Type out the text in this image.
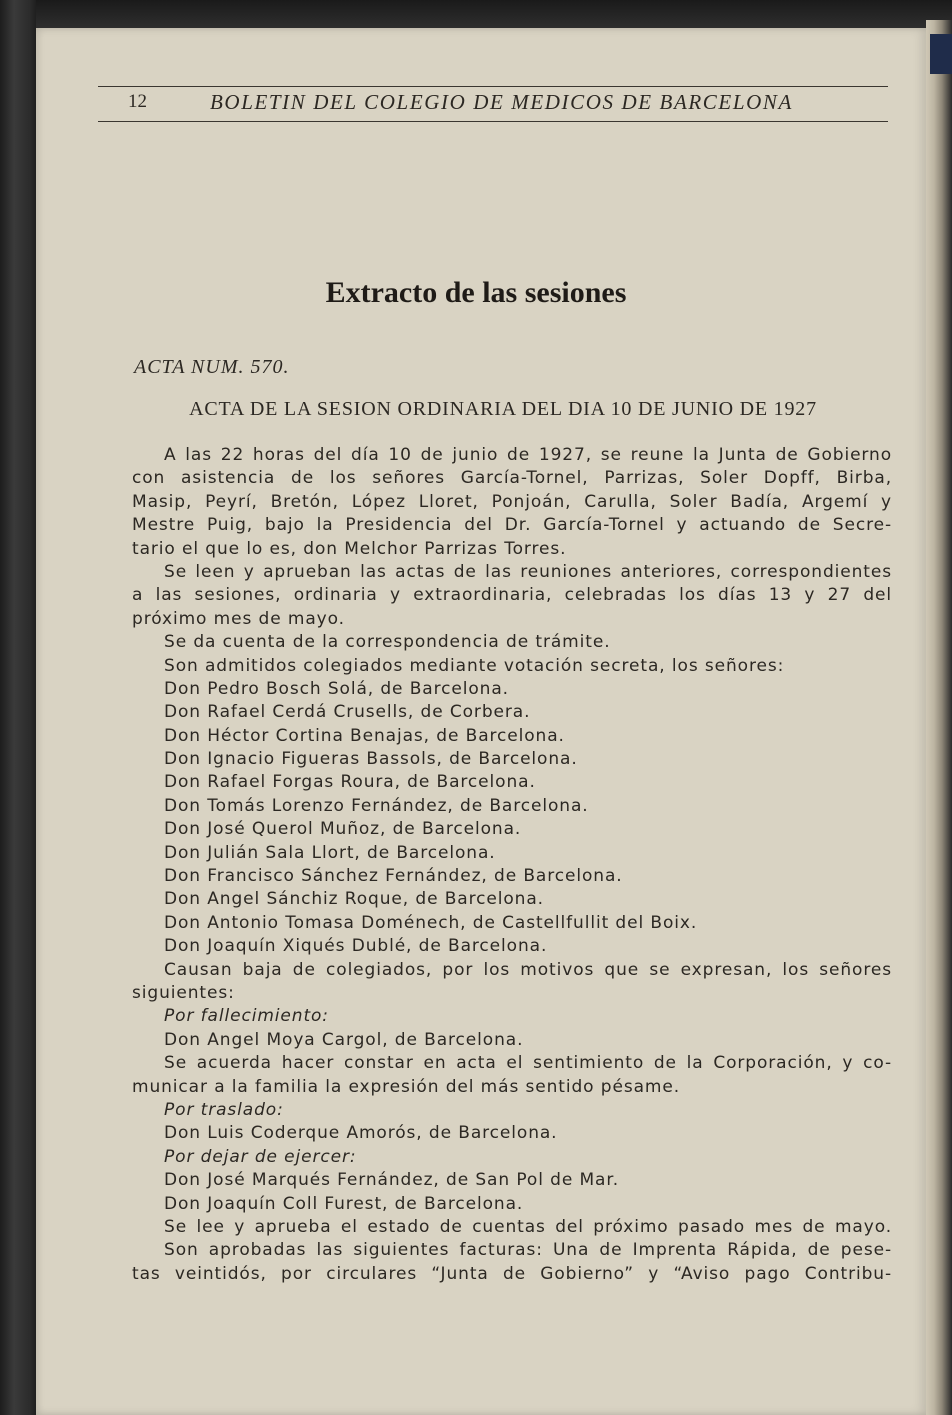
12	BOLETIN DEL COLEGIO DE MEDICOS DE BARCELONA
Extracto de las sesiones
ACTA NUM. 570.
ACTA DE LA SESION ORDINARIA DEL DIA 10 DE JUNIO DE 1927
A las 22 horas del día 10 de junio de 1927, se reune la Junta de Gobierno
con asistencia de los señores García-Tornel, Parrizas, Soler Dopff, Birba,
Masip, Peyrí, Bretón, López Lloret, Ponjoán, Carulla, Soler Badía, Argemí y
Mestre Puig, bajo la Presidencia del Dr. García-Tornel y actuando de Secre-
tario el que lo es, don Melchor Parrizas Torres.
Se leen y aprueban las actas de las reuniones anteriores, correspondientes
a las sesiones, ordinaria y extraordinaria, celebradas los días 13 y 27 del
próximo mes de mayo.
Se da cuenta de la correspondencia de trámite.
Son admitidos colegiados mediante votación secreta, los señores:
Don Pedro Bosch Solá, de Barcelona.
Don Rafael Cerdá Crusells, de Corbera.
Don Héctor Cortina Benajas, de Barcelona.
Don Ignacio Figueras Bassols, de Barcelona.
Don Rafael Forgas Roura, de Barcelona.
Don Tomás Lorenzo Fernández, de Barcelona.
Don José Querol Muñoz, de Barcelona.
Don Julián Sala Llort, de Barcelona.
Don Francisco Sánchez Fernández, de Barcelona.
Don Angel Sánchiz Roque, de Barcelona.
Don Antonio Tomasa Doménech, de Castellfullit del Boix.
Don Joaquín Xiqués Dublé, de Barcelona.
Causan baja de colegiados, por los motivos que se expresan, los señores
siguientes:
Por fallecimiento:
Don Angel Moya Cargol, de Barcelona.
Se acuerda hacer constar en acta el sentimiento de la Corporación, y co-
municar a la familia la expresión del más sentido pésame.
Por traslado:
Don Luis Coderque Amorós, de Barcelona.
Por dejar de ejercer:
Don José Marqués Fernández, de San Pol de Mar.
Don Joaquín Coll Furest, de Barcelona.
Se lee y aprueba el estado de cuentas del próximo pasado mes de mayo.
Son aprobadas las siguientes facturas: Una de Imprenta Rápida, de pese-
tas veintidós, por circulares “Junta de Gobierno” y “Aviso pago Contribu-
